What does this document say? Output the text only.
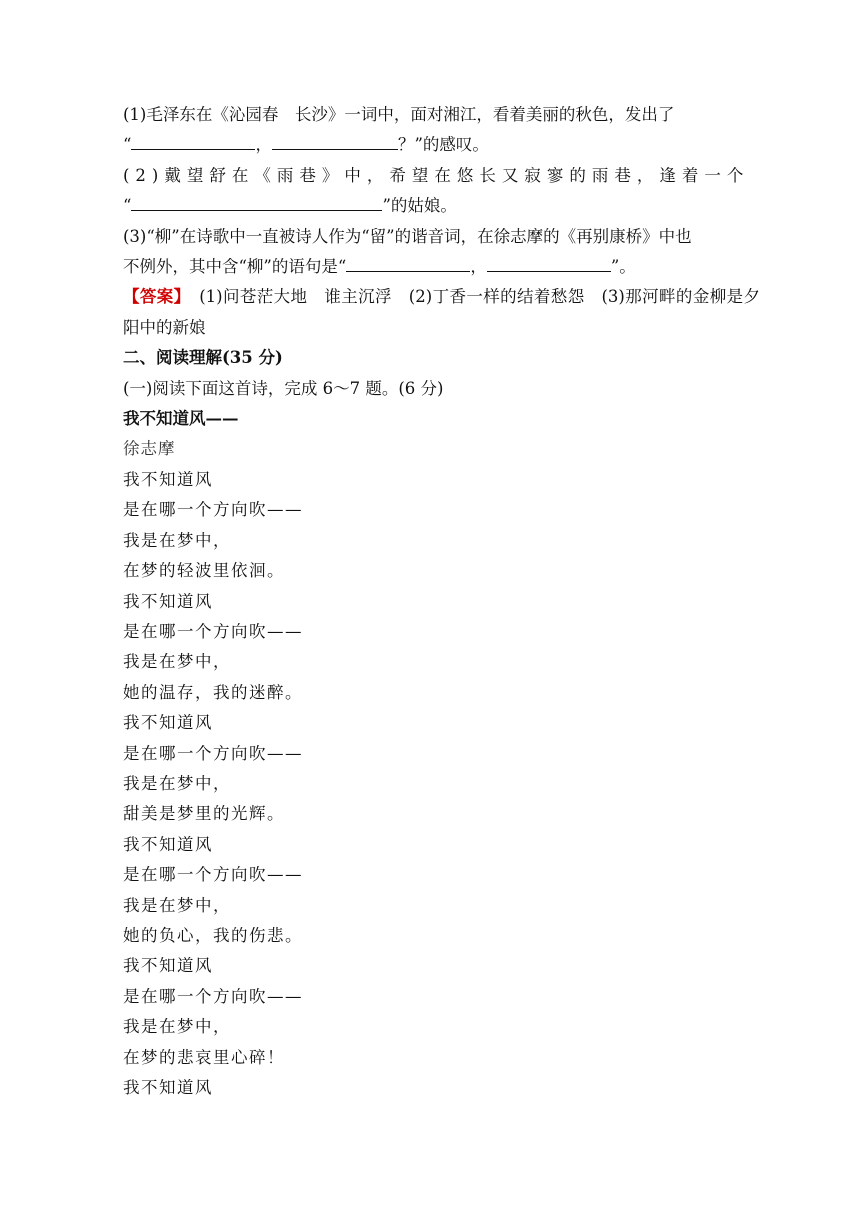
(1)毛泽东在《沁园春　长沙》一词中，面对湘江，看着美丽的秋色，发出了

“	，	？”的感叹。

(2)戴望舒在《雨巷》中，希望在悠长又寂寥的雨巷，逢着一个

“	”的姑娘。

(3)“柳”在诗歌中一直被诗人作为“留”的谐音词，在徐志摩的《再别康桥》中也

不例外，其中含“柳”的语句是“	，	”。

【答案】　(1)问苍茫大地　谁主沉浮　(2)丁香一样的结着愁怨　(3)那河畔的金柳是夕阳中的新娘

二、阅读理解(35 分)

(一)阅读下面这首诗，完成 6～7 题。(6 分)

我不知道风——

徐志摩

我不知道风

是在哪一个方向吹——

我是在梦中，

在梦的轻波里依洄。

我不知道风

是在哪一个方向吹——

我是在梦中，

她的温存，我的迷醉。

我不知道风

是在哪一个方向吹——

我是在梦中，

甜美是梦里的光辉。

我不知道风

是在哪一个方向吹——

我是在梦中，

她的负心，我的伤悲。

我不知道风

是在哪一个方向吹——

我是在梦中，

在梦的悲哀里心碎！

我不知道风
